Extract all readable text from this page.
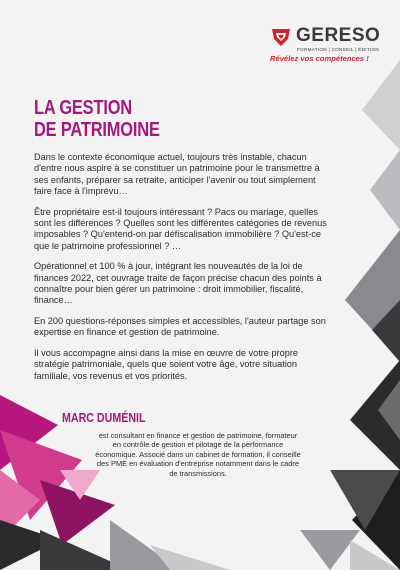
GERESO
FORMATION | CONSEIL | ÉDITION
Révélez vos compétences !
LA GESTION
DE PATRIMOINE

Dans le contexte économique actuel, toujours très instable, chacun d'entre nous aspire à se constituer un patrimoine pour le transmettre à ses enfants, préparer sa retraite, anticiper l'avenir ou tout simplement faire face à l'imprévu…

Être propriétaire est-il toujours intéressant ? Pacs ou mariage, quelles sont les différences ? Quelles sont les différentes catégories de revenus imposables ? Qu'entend-on par défiscalisation immobilière ? Qu'est-ce que le patrimoine professionnel ? …

Opérationnel et 100 % à jour, intégrant les nouveautés de la loi de finances 2022, cet ouvrage traite de façon précise chacun des points à connaître pour bien gérer un patrimoine : droit immobilier, fiscalité, finance…

En 200 questions-réponses simples et accessibles, l'auteur partage son expertise en finance et gestion de patrimoine.

Il vous accompagne ainsi dans la mise en œuvre de votre propre stratégie patrimoniale, quels que soient votre âge, votre situation familiale, vos revenus et vos priorités.

MARC DUMÉNIL

est consultant en finance et gestion de patrimoine, formateur en contrôle de gestion et pilotage de la performance économique. Associé dans un cabinet de formation, il conseille des PME en évaluation d'entreprise notamment dans le cadre de transmissions.
